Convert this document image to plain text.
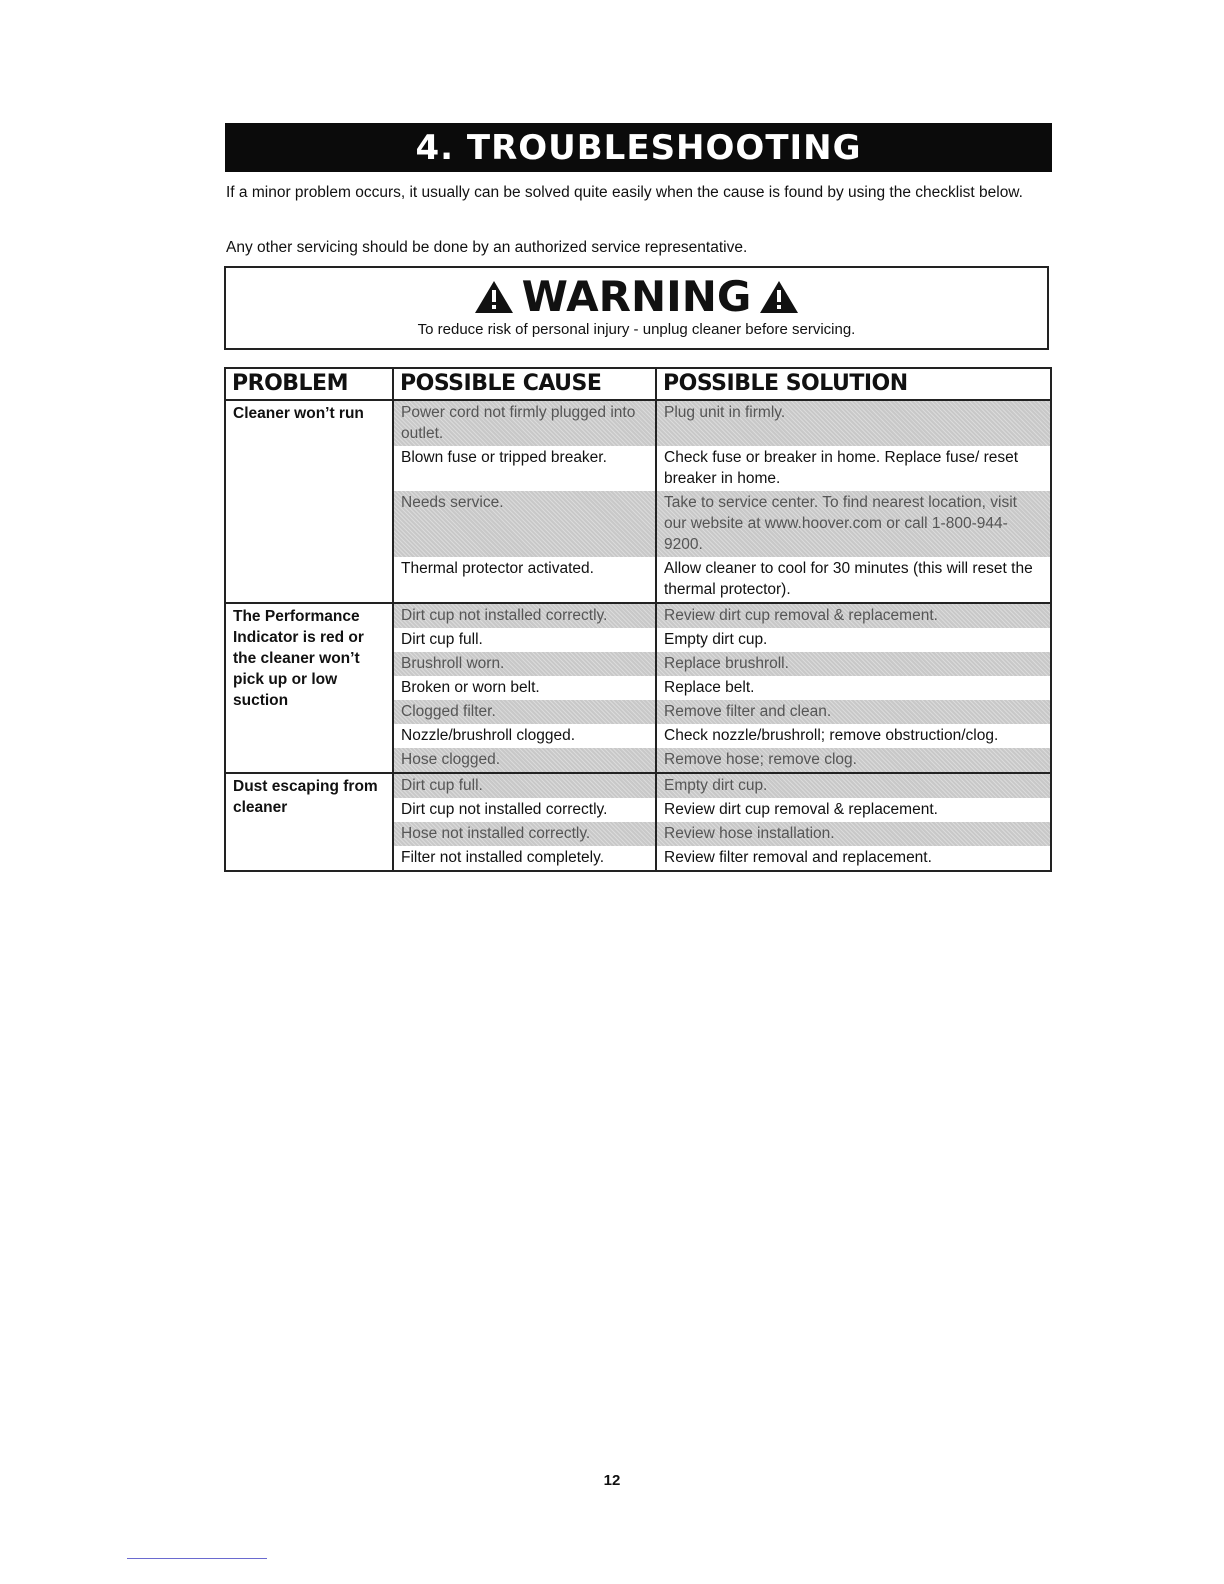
4. TROUBLESHOOTING
If a minor problem occurs, it usually can be solved quite easily when the cause is found by using the checklist below.
Any other servicing should be done by an authorized service representative.
WARNING
To reduce risk of personal injury - unplug cleaner before servicing.
PROBLEM	POSSIBLE CAUSE	POSSIBLE SOLUTION
Cleaner won’t run	Power cord not firmly plugged into outlet.	Plug unit in firmly.
	Blown fuse or tripped breaker.	Check fuse or breaker in home. Replace fuse/ reset breaker in home.
	Needs service.	Take to service center. To find nearest location, visit our website at www.hoover.com or call 1-800-944-9200.
	Thermal protector activated.	Allow cleaner to cool for 30 minutes (this will reset the thermal protector).
The Performance Indicator is red or the cleaner won’t pick up or low suction	Dirt cup not installed correctly.	Review dirt cup removal & replacement.
	Dirt cup full.	Empty dirt cup.
	Brushroll worn.	Replace brushroll.
	Broken or worn belt.	Replace belt.
	Clogged filter.	Remove filter and clean.
	Nozzle/brushroll clogged.	Check nozzle/brushroll; remove obstruction/clog.
	Hose clogged.	Remove hose; remove clog.
Dust escaping from cleaner	Dirt cup full.	Empty dirt cup.
	Dirt cup not installed correctly.	Review dirt cup removal & replacement.
	Hose not installed correctly.	Review hose installation.
	Filter not installed completely.	Review filter removal and replacement.
12
